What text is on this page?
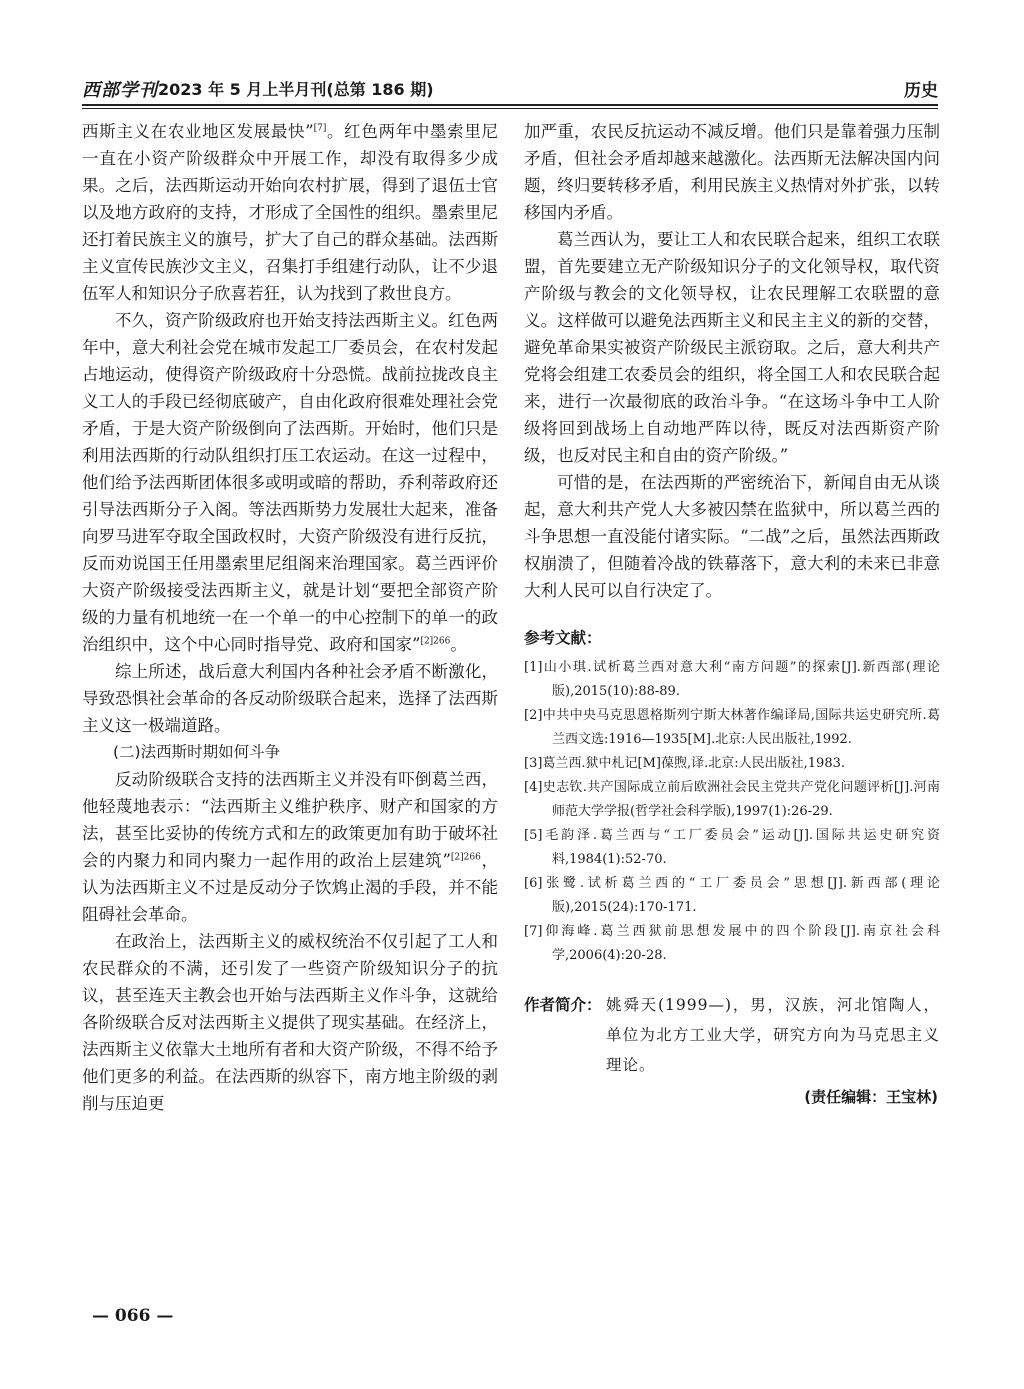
西部学刊 2023 年 5 月上半月刊(总第 186 期)	历史

西斯主义在农业地区发展最快”[7]。红色两年中墨索里尼一直在小资产阶级群众中开展工作，却没有取得多少成果。之后，法西斯运动开始向农村扩展，得到了退伍士官以及地方政府的支持，才形成了全国性的组织。墨索里尼还打着民族主义的旗号，扩大了自己的群众基础。法西斯主义宣传民族沙文主义，召集打手组建行动队，让不少退伍军人和知识分子欣喜若狂，认为找到了救世良方。

不久，资产阶级政府也开始支持法西斯主义。红色两年中，意大利社会党在城市发起工厂委员会，在农村发起占地运动，使得资产阶级政府十分恐慌。战前拉拢改良主义工人的手段已经彻底破产，自由化政府很难处理社会党矛盾，于是大资产阶级倒向了法西斯。开始时，他们只是利用法西斯的行动队组织打压工农运动。在这一过程中，他们给予法西斯团体很多或明或暗的帮助，乔利蒂政府还引导法西斯分子入阁。等法西斯势力发展壮大起来，准备向罗马进军夺取全国政权时，大资产阶级没有进行反抗，反而劝说国王任用墨索里尼组阁来治理国家。葛兰西评价大资产阶级接受法西斯主义，就是计划“要把全部资产阶级的力量有机地统一在一个单一的中心控制下的单一的政治组织中，这个中心同时指导党、政府和国家”$^{[2]266}$。

综上所述，战后意大利国内各种社会矛盾不断激化，导致恐惧社会革命的各反动阶级联合起来，选择了法西斯主义这一极端道路。

(二)法西斯时期如何斗争

反动阶级联合支持的法西斯主义并没有吓倒葛兰西，他轻蔑地表示：“法西斯主义维护秩序、财产和国家的方法，甚至比妥协的传统方式和左的政策更加有助于破坏社会的内聚力和同内聚力一起作用的政治上层建筑”$^{[2]266}$，认为法西斯主义不过是反动分子饮鸩止渴的手段，并不能阻碍社会革命。

在政治上，法西斯主义的威权统治不仅引起了工人和农民群众的不满，还引发了一些资产阶级知识分子的抗议，甚至连天主教会也开始与法西斯主义作斗争，这就给各阶级联合反对法西斯主义提供了现实基础。在经济上，法西斯主义依靠大土地所有者和大资产阶级，不得不给予他们更多的利益。在法西斯的纵容下，南方地主阶级的剥削与压迫更

加严重，农民反抗运动不减反增。他们只是靠着强力压制矛盾，但社会矛盾却越来越激化。法西斯无法解决国内问题，终归要转移矛盾，利用民族主义热情对外扩张，以转移国内矛盾。

葛兰西认为，要让工人和农民联合起来，组织工农联盟，首先要建立无产阶级知识分子的文化领导权，取代资产阶级与教会的文化领导权，让农民理解工农联盟的意义。这样做可以避免法西斯主义和民主主义的新的交替，避免革命果实被资产阶级民主派窃取。之后，意大利共产党将会组建工农委员会的组织，将全国工人和农民联合起来，进行一次最彻底的政治斗争。“在这场斗争中工人阶级将回到战场上自动地严阵以待，既反对法西斯资产阶级，也反对民主和自由的资产阶级。”

可惜的是，在法西斯的严密统治下，新闻自由无从谈起，意大利共产党人大多被囚禁在监狱中，所以葛兰西的斗争思想一直没能付诸实际。“二战”之后，虽然法西斯政权崩溃了，但随着冷战的铁幕落下，意大利的未来已非意大利人民可以自行决定了。

参考文献：

[1]山小琪.试析葛兰西对意大利“南方问题”的探索[J].新西部(理论版),2015(10):88-89.

[2]中共中央马克思恩格斯列宁斯大林著作编译局,国际共运史研究所.葛兰西文选:1916—1935[M].北京:人民出版社,1992.

[3]葛兰西.狱中札记[M]葆煦,译.北京:人民出版社,1983.

[4]史志钦.共产国际成立前后欧洲社会民主党共产党化问题评析[J].河南师范大学学报(哲学社会科学版),1997(1):26-29.

[5]毛韵泽.葛兰西与“工厂委员会”运动[J].国际共运史研究资料,1984(1):52-70.

[6]张鹭.试析葛兰西的“工厂委员会”思想[J].新西部(理论版),2015(24):170-171.

[7]仰海峰.葛兰西狱前思想发展中的四个阶段[J].南京社会科学,2006(4):20-28.

作者简介： 姚舜天(1999—)，男，汉族，河北馆陶人，单位为北方工业大学，研究方向为马克思主义理论。
(责任编辑：王宝林)
— 066 —
